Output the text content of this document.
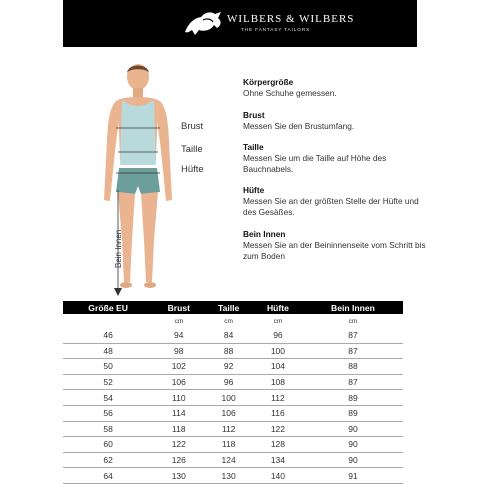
WILBERS & WILBERS
THE FANTASY TAILORS
Brust
Taille
Hüfte
Bein Innen
Körpergröße
Ohne Schuhe gemessen.
Brust
Messen Sie den Brustumfang.
Taille
Messen Sie um die Taille auf Höhe des Bauchnabels.
Hüfte
Messen Sie an der größten Stelle der Hüfte und des Gesäßes.
Bein Innen
Messen Sie an der Beininnenseite vom Schritt bis zum Boden
Größe EU	Brust	Taille	Hüfte	Bein Innen
	cm	cm	cm	cm
46	94	84	96	87
48	98	88	100	87
50	102	92	104	88
52	106	96	108	87
54	110	100	112	89
56	114	106	116	89
58	118	112	122	90
60	122	118	128	90
62	126	124	134	90
64	130	130	140	91
